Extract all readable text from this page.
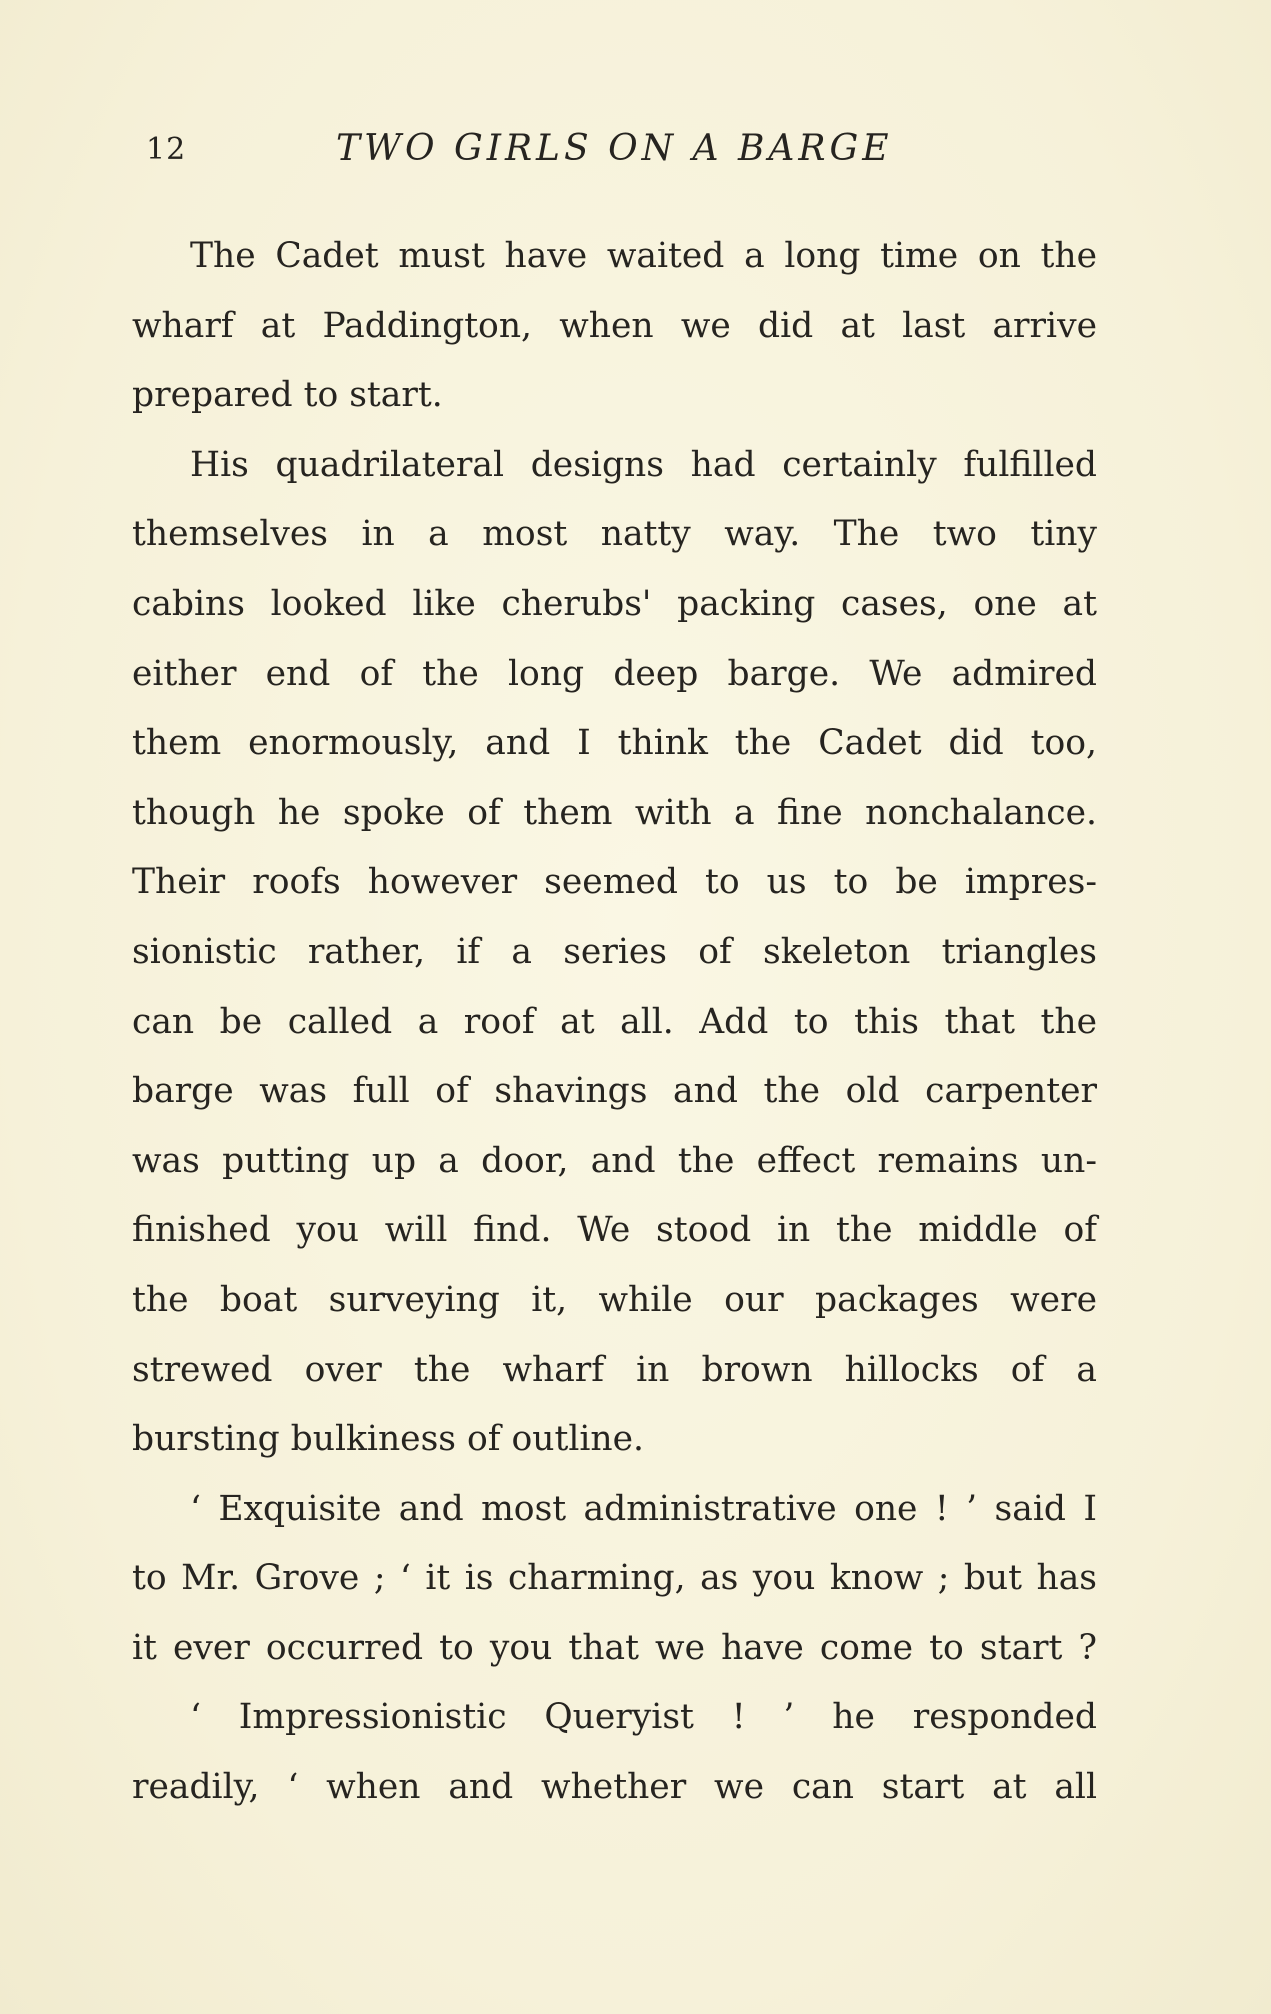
12	TWO GIRLS ON A BARGE
The Cadet must have waited a long time on the
wharf at Paddington, when we did at last arrive
prepared to start.
His quadrilateral designs had certainly fulfilled
themselves in a most natty way. The two tiny
cabins looked like cherubs' packing cases, one at
either end of the long deep barge. We admired
them enormously, and I think the Cadet did too,
though he spoke of them with a fine nonchalance.
Their roofs however seemed to us to be impres-
sionistic rather, if a series of skeleton triangles
can be called a roof at all. Add to this that the
barge was full of shavings and the old carpenter
was putting up a door, and the effect remains un-
finished you will find. We stood in the middle of
the boat surveying it, while our packages were
strewed over the wharf in brown hillocks of a
bursting bulkiness of outline.
‘ Exquisite and most administrative one ! ’ said I
to Mr. Grove ; ‘ it is charming, as you know ; but has
it ever occurred to you that we have come to start ?
‘ Impressionistic Queryist ! ’ he responded
readily, ‘ when and whether we can start at all
